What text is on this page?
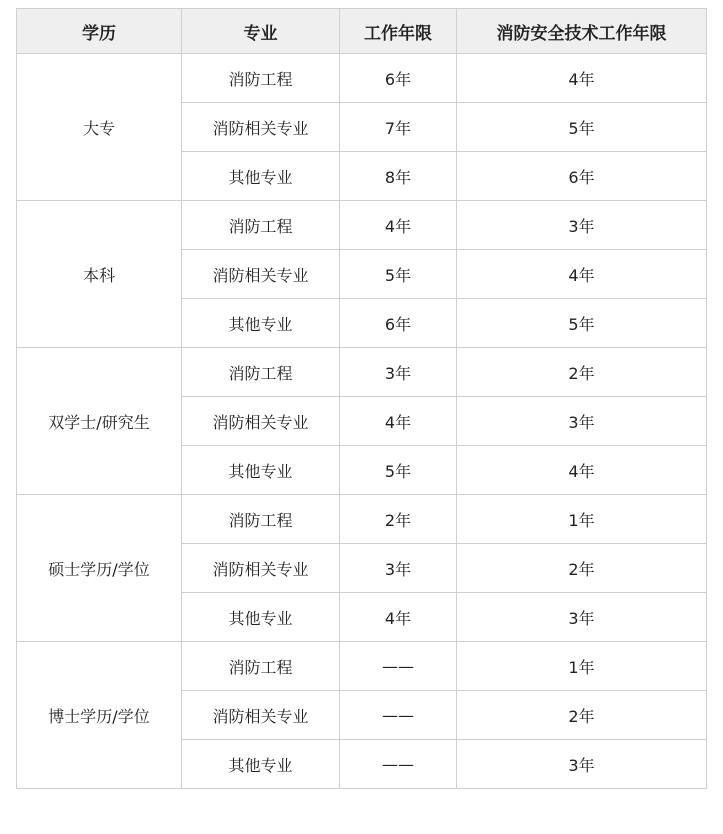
学历	专业	工作年限	消防安全技术工作年限
大专	消防工程	6年	4年
	消防相关专业	7年	5年
	其他专业	8年	6年
本科	消防工程	4年	3年
	消防相关专业	5年	4年
	其他专业	6年	5年
双学士/研究生	消防工程	3年	2年
	消防相关专业	4年	3年
	其他专业	5年	4年
硕士学历/学位	消防工程	2年	1年
	消防相关专业	3年	2年
	其他专业	4年	3年
博士学历/学位	消防工程	——	1年
	消防相关专业	——	2年
	其他专业	——	3年
